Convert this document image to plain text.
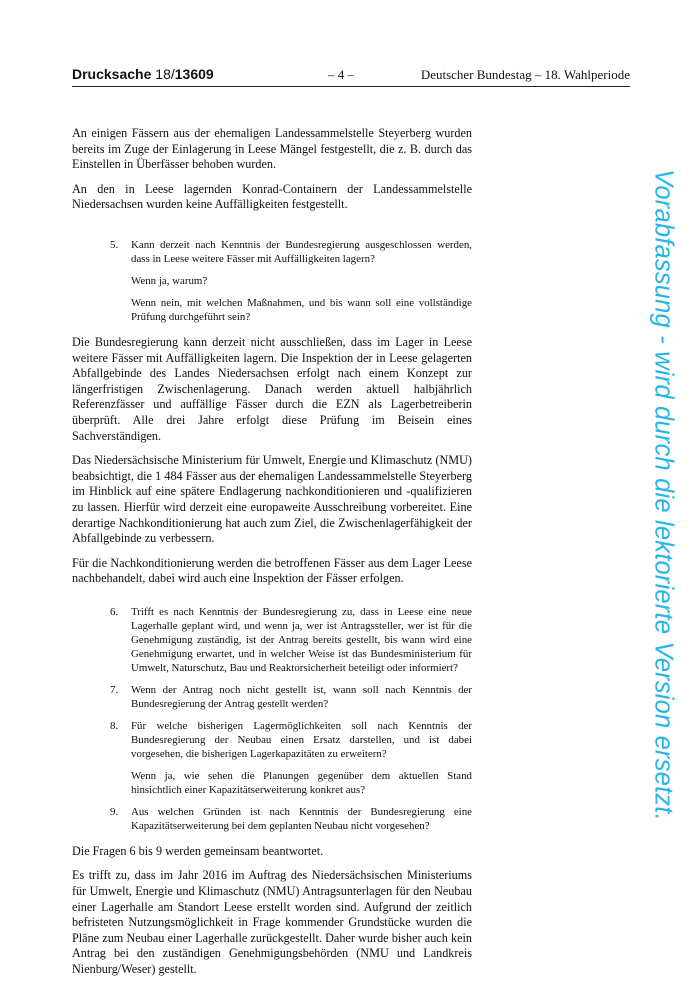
Drucksache 18/13609	– 4 –	Deutscher Bundestag – 18. Wahlperiode

An einigen Fässern aus der ehemaligen Landessammelstelle Steyerberg wurden bereits im Zuge der Einlagerung in Leese Mängel festgestellt, die z. B. durch das Einstellen in Überfässer behoben wurden.

An den in Leese lagernden Konrad-Containern der Landessammelstelle Niedersachsen wurden keine Auffälligkeiten festgestellt.

5.	Kann derzeit nach Kenntnis der Bundesregierung ausgeschlossen werden, dass in Leese weitere Fässer mit Auffälligkeiten lagern?
Wenn ja, warum?
Wenn nein, mit welchen Maßnahmen, und bis wann soll eine vollständige Prüfung durchgeführt sein?

Die Bundesregierung kann derzeit nicht ausschließen, dass im Lager in Leese weitere Fässer mit Auffälligkeiten lagern. Die Inspektion der in Leese gelagerten Abfallgebinde des Landes Niedersachsen erfolgt nach einem Konzept zur längerfristigen Zwischenlagerung. Danach werden aktuell halbjährlich Referenzfässer und auffällige Fässer durch die EZN als Lagerbetreiberin überprüft. Alle drei Jahre erfolgt diese Prüfung im Beisein eines Sachverständigen.

Das Niedersächsische Ministerium für Umwelt, Energie und Klimaschutz (NMU) beabsichtigt, die 1 484 Fässer aus der ehemaligen Landessammelstelle Steyerberg im Hinblick auf eine spätere Endlagerung nachkonditionieren und -qualifizieren zu lassen. Hierfür wird derzeit eine europaweite Ausschreibung vorbereitet. Eine derartige Nachkonditionierung hat auch zum Ziel, die Zwischenlagerfähigkeit der Abfallgebinde zu verbessern.

Für die Nachkonditionierung werden die betroffenen Fässer aus dem Lager Leese nachbehandelt, dabei wird auch eine Inspektion der Fässer erfolgen.

6.	Trifft es nach Kenntnis der Bundesregierung zu, dass in Leese eine neue Lagerhalle geplant wird, und wenn ja, wer ist Antragssteller, wer ist für die Genehmigung zuständig, ist der Antrag bereits gestellt, bis wann wird eine Genehmigung erwartet, und in welcher Weise ist das Bundesministerium für Umwelt, Naturschutz, Bau und Reaktorsicherheit beteiligt oder informiert?
7.	Wenn der Antrag noch nicht gestellt ist, wann soll nach Kenntnis der Bundesregierung der Antrag gestellt werden?
8.	Für welche bisherigen Lagermöglichkeiten soll nach Kenntnis der Bundesregierung der Neubau einen Ersatz darstellen, und ist dabei vorgesehen, die bisherigen Lagerkapazitäten zu erweitern?
Wenn ja, wie sehen die Planungen gegenüber dem aktuellen Stand hinsichtlich einer Kapazitätserweiterung konkret aus?
9.	Aus welchen Gründen ist nach Kenntnis der Bundesregierung eine Kapazitätserweiterung bei dem geplanten Neubau nicht vorgesehen?

Die Fragen 6 bis 9 werden gemeinsam beantwortet.

Es trifft zu, dass im Jahr 2016 im Auftrag des Niedersächsischen Ministeriums für Umwelt, Energie und Klimaschutz (NMU) Antragsunterlagen für den Neubau einer Lagerhalle am Standort Leese erstellt worden sind. Aufgrund der zeitlich befristeten Nutzungsmöglichkeit in Frage kommender Grundstücke wurden die Pläne zum Neubau einer Lagerhalle zurückgestellt. Daher wurde bisher auch kein Antrag bei den zuständigen Genehmigungsbehörden (NMU und Landkreis Nienburg/Weser) gestellt.

Vorabfassung - wird durch die lektorierte Version ersetzt.
